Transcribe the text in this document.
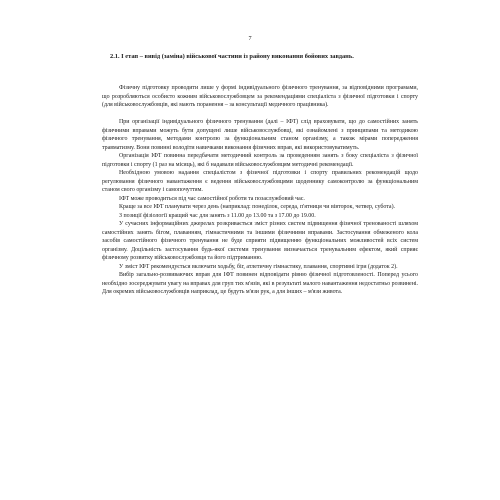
7
2.1. I етап – вивід (заміна) військової частини із району виконання бойових завдань.

Фізичну підготовку проводити лише у формі індивідуального фізичного тренування, за відповідними програмами, що розробляються особисто кожним військовослужбовцем за рекомендаціями спеціаліста з фізичної підготовки і спорту (для військовослужбовців, які мають поранення – за консультації медичного працівника).

При організації індивідуального фізичного тренування (далі – ІФТ) слід враховувати, що до самостійних занять фізичними вправами можуть бути допущені лише військовослужбовці, які ознайомлені з принципами та методикою фізичного тренування, методами контролю за функціональним станом організму, а також мірами попередження травматизму. Вони повинні володіти навичками виконання фізичних вправ, які використовуватимуть.

Організація ІФТ повинна передбачати методичний контроль за проведенням занять з боку спеціаліста з фізичної підготовки і спорту (1 раз на місяць), які б надавали військовослужбовцям методичні рекомендації.

Необхідною умовою надання спеціалістом з фізичної підготовки і спорту правильних рекомендацій щодо регулювання фізичного навантаження є ведення військовослужбовцями щоденнику самоконтролю за функціональним станом свого організму і самопочуттям.

ІФТ може проводиться під час самостійної роботи та позаслужбовий час.

Краще за все ІФТ планувати через день (наприклад: понеділок, середа, п'ятниця чи вівторок, четвер, субота).

З позиції фізіології кращий час для занять з 11.00 до 13.00 та з 17.00 до 19.00.

У сучасних інформаційних джерелах розкривається зміст різних систем підвищення фізичної тренованості шляхом самостійних занять бігом, плаванням, гімнастичними та іншими фізичними вправами. Застосування обмеженого кола засобів самостійного фізичного тренування не буде сприяти підвищенню функціональних можливостей всіх систем організму. Доцільність застосування будь-якої системи тренування визначається тренувальним ефектом, який сприяє фізичному розвитку військовослужбовця та його підтриманню.

У зміст ІФТ рекомендується включати ходьбу, біг, атлетичну гімнастику, плавання, спортивні ігри (додаток 2).

Вибір загально-розвиваючих вправ для ІФТ повинен відповідати рівню фізичної підготовленості. Поперед усього необхідно зосереджувати увагу на вправах для груп тих м'язів, які в результаті малого навантаження недостатньо розвинені. Для окремих військовослужбовців наприклад, це будуть м'язи рук, а для інших – м'язи живота.
